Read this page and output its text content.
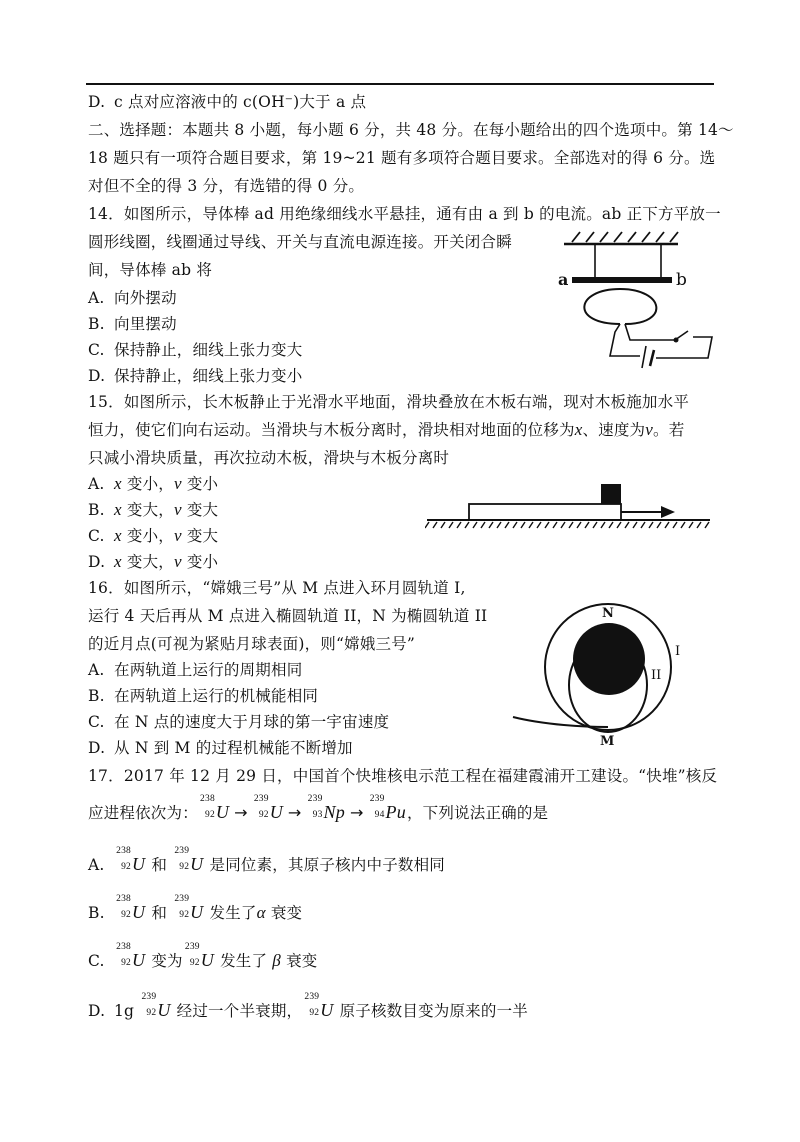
D. c 点对应溶液中的 c(OH⁻)大于 a 点
二、选择题：本题共 8 小题，每小题 6 分，共 48 分。在每小题给出的四个选项中。第 14～
18 题只有一项符合题目要求，第 19~21 题有多项符合题目要求。全部选对的得 6 分。选
对但不全的得 3 分，有选错的得 0 分。
14．如图所示，导体棒 ad 用绝缘细线水平悬挂，通有由 a 到 b 的电流。ab 正下方平放一
圆形线圈，线圈通过导线、开关与直流电源连接。开关闭合瞬
间，导体棒 ab 将
A. 向外摆动
B. 向里摆动
C. 保持静止，细线上张力变大
D. 保持静止，细线上张力变小
a	b
15．如图所示，长木板静止于光滑水平地面，滑块叠放在木板右端，现对木板施加水平
恒力，使它们向右运动。当滑块与木板分离时，滑块相对地面的位移为x、速度为v。若
只减小滑块质量，再次拉动木板，滑块与木板分离时
A. x 变小，v 变小
B. x 变大，v 变大
C. x 变小，v 变大
D. x 变大，v 变小
16．如图所示，“嫦娥三号”从 M 点进入环月圆轨道 I,
运行 4 天后再从 M 点进入椭圆轨道 II，N 为椭圆轨道 II
的近月点(可视为紧贴月球表面)，则“嫦娥三号”
A. 在两轨道上运行的周期相同
B. 在两轨道上运行的机械能相同
C. 在 N 点的速度大于月球的第一宇宙速度
D. 从 N 到 M 的过程机械能不断增加
N
M
I
II
17．2017 年 12 月 29 日，中国首个快堆核电示范工程在福建霞浦开工建设。“快堆”核反
应进程依次为：
238
92 U →
239
92 U →
239
93 Np →
239
94 Pu，下列说法正确的是
A.
238
92 U 和
239
92 U 是同位素，其原子核内中子数相同
B.
238
92 U 和
239
92 U 发生了α 衰变
C.
238
92 U 变为
239
92 U 发生了 β 衰变
D. 1g
239
92 U 经过一个半衰期，
239
92 U 原子核数目变为原来的一半
